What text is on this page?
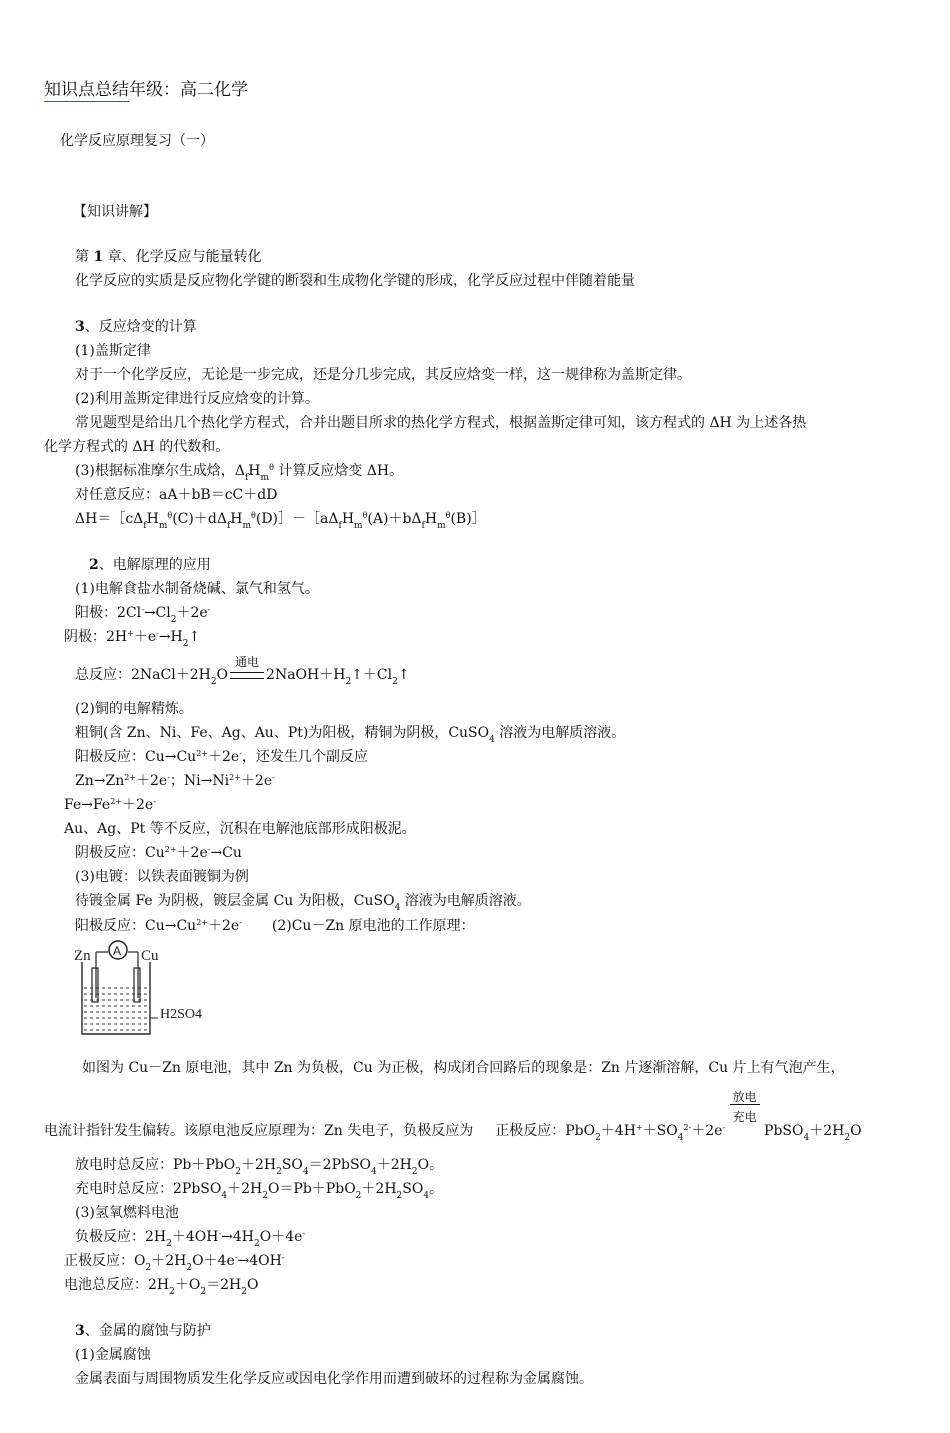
知识点总结年级：高二化学
化学反应原理复习（一）
【知识讲解】
第 1 章、化学反应与能量转化
化学反应的实质是反应物化学键的断裂和生成物化学键的形成，化学反应过程中伴随着能量
3、反应焓变的计算
(1)盖斯定律
对于一个化学反应，无论是一步完成，还是分几步完成，其反应焓变一样，这一规律称为盖斯定律。
(2)利用盖斯定律进行反应焓变的计算。
常见题型是给出几个热化学方程式，合并出题目所求的热化学方程式，根据盖斯定律可知，该方程式的 ΔH 为上述各热
化学方程式的 ΔH 的代数和。
(3)根据标准摩尔生成焓，$\Delta_fH_m^\theta$ 计算反应焓变 ΔH。
对任意反应：aA＋bB＝cC＋dD
$\Delta H=[c\Delta_fH_m^\theta(C)+d\Delta_fH_m^\theta(D)]-[a\Delta_fH_m^\theta(A)+b\Delta_fH_m^\theta(B)]$
2、电解原理的应用
(1)电解食盐水制备烧碱、氯气和氢气。
阳极：$2Cl^-\to Cl_2+2e^-$
阴极：$2H^++e^-\to H_2↑$
总反应：$2NaCl+2H_2O$
通电
$2NaOH+H_2↑+Cl_2↑$
(2)铜的电解精炼。
粗铜(含 Zn、Ni、Fe、Ag、Au、Pt)为阳极，精铜为阴极，CuSO$_4$ 溶液为电解质溶液。
阳极反应：$Cu\to Cu^{2+}+2e^-$，还发生几个副反应
$Zn\to Zn^{2+}+2e^-$；$Ni\to Ni^{2+}+2e^-$
$Fe\to Fe^{2+}+2e^-$
Au、Ag、Pt 等不反应，沉积在电解池底部形成阳极泥。
阴极反应：$Cu^{2+}+2e^-\to Cu$
(3)电镀：以铁表面镀铜为例
待镀金属 Fe 为阴极，镀层金属 Cu 为阳极，CuSO$_4$ 溶液为电解质溶液。
阳极反应：$Cu\to Cu^{2+}+2e^-$ (2)Cu－Zn 原电池的工作原理：
Zn	Cu
A
H2SO4
如图为 Cu－Zn 原电池，其中 Zn 为负极，Cu 为正极，构成闭合回路后的现象是：Zn 片逐渐溶解，Cu 片上有气泡产生，
电流计指针发生偏转。该原电池反应原理为：Zn 失电子，负极反应为 正极反应：$PbO_2+4H^++SO_4^{2-}+2e^-$
放电
充电
$PbSO_4+2H_2O$
放电时总反应：$Pb+PbO_2+2H_2SO_4=2PbSO_4+2H_2O$。
充电时总反应：$2PbSO_4+2H_2O=Pb+PbO_2+2H_2SO_4$。
(3)氢氧燃料电池
负极反应：$2H_2+4OH^-\to 4H_2O+4e^-$
正极反应：$O_2+2H_2O+4e^-\to 4OH^-$
电池总反应：$2H_2+O_2=2H_2O$
3、金属的腐蚀与防护
(1)金属腐蚀
金属表面与周围物质发生化学反应或因电化学作用而遭到破坏的过程称为金属腐蚀。
